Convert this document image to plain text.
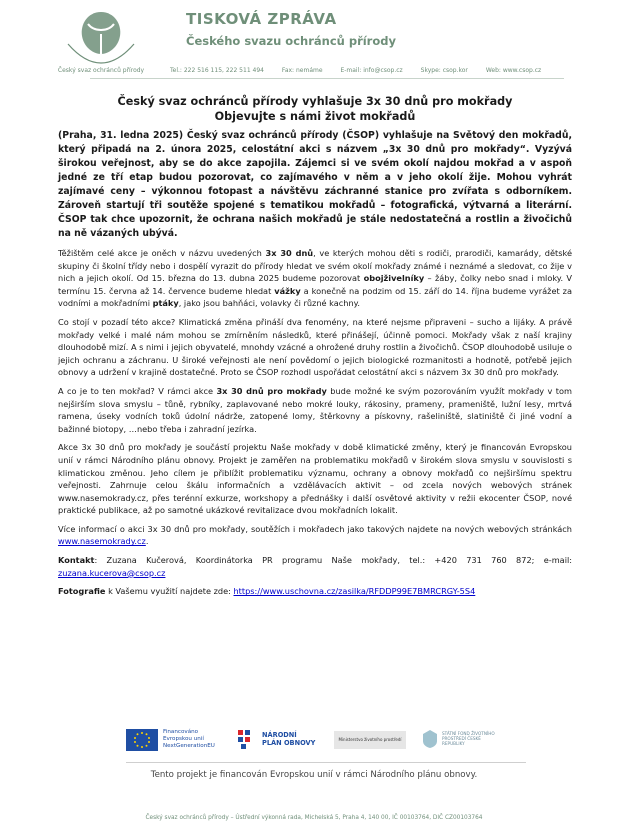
Český svaz ochránců přírody
TISKOVÁ ZPRÁVA
Českého svazu ochránců přírody
Tel.: 222 516 115, 222 511 494	Fax: nemáme	E-mail: info@csop.cz	Skype: csop.kor	Web: www.csop.cz
Český svaz ochránců přírody vyhlašuje 3x 30 dnů pro mokřady
Objevujte s námi život mokřadů
(Praha, 31. ledna 2025) Český svaz ochránců přírody (ČSOP) vyhlašuje na Světový den mokřadů, který připadá na 2. února 2025, celostátní akci s názvem „3x 30 dnů pro mokřady“. Vyzývá širokou veřejnost, aby se do akce zapojila. Zájemci si ve svém okolí najdou mokřad a v aspoň jedné ze tří etap budou pozorovat, co zajímavého v něm a v jeho okolí žije. Mohou vyhrát zajímavé ceny – výkonnou fotopast a návštěvu záchranné stanice pro zvířata s odborníkem. Zároveň startují tři soutěže spojené s tematikou mokřadů – fotografická, výtvarná a literární. ČSOP tak chce upozornit, že ochrana našich mokřadů je stále nedostatečná a rostlin a živočichů na ně vázaných ubývá.

Těžištěm celé akce je oněch v názvu uvedených 3x 30 dnů, ve kterých mohou děti s rodiči, prarodiči, kamarády, dětské skupiny či školní třídy nebo i dospělí vyrazit do přírody hledat ve svém okolí mokřady známé i neznámé a sledovat, co žije v nich a jejich okolí. Od 15. března do 13. dubna 2025 budeme pozorovat obojživelníky – žáby, čolky nebo snad i mloky. V termínu 15. června až 14. července budeme hledat vážky a konečně na podzim od 15. září do 14. října budeme vyrážet za vodními a mokřadními ptáky, jako jsou bahňáci, volavky či různé kachny.

Co stojí v pozadí této akce? Klimatická změna přináší dva fenomény, na které nejsme připraveni – sucho a lijáky. A právě mokřady velké i malé nám mohou se zmírněním následků, které přinášejí, účinně pomoci. Mokřady však z naší krajiny dlouhodobě mizí. A s nimi i jejich obyvatelé, mnohdy vzácné a ohrožené druhy rostlin a živočichů. ČSOP dlouhodobě usiluje o jejich ochranu a záchranu. U široké veřejnosti ale není povědomí o jejich biologické rozmanitosti a hodnotě, potřebě jejich obnovy a udržení v krajině dostatečné. Proto se ČSOP rozhodl uspořádat celostátní akci s názvem 3x 30 dnů pro mokřady.

A co je to ten mokřad? V rámci akce 3x 30 dnů pro mokřady bude možné ke svým pozorováním využít mokřady v tom nejširším slova smyslu – tůně, rybníky, zaplavované nebo mokré louky, rákosiny, prameny, prameniště, lužní lesy, mrtvá ramena, úseky vodních toků údolní nádrže, zatopené lomy, štěrkovny a pískovny, rašeliniště, slatiniště či jiné vodní a bažinné biotopy, …nebo třeba i zahradní jezírka.

Akce 3x 30 dnů pro mokřady je součástí projektu Naše mokřady v době klimatické změny, který je financován Evropskou unií v rámci Národního plánu obnovy. Projekt je zaměřen na problematiku mokřadů v širokém slova smyslu v souvislosti s klimatickou změnou. Jeho cílem je přiblížit problematiku významu, ochrany a obnovy mokřadů co nejširšímu spektru veřejnosti. Zahrnuje celou škálu informačních a vzdělávacích aktivit – od zcela nových webových stránek www.nasemokrady.cz, přes terénní exkurze, workshopy a přednášky i další osvětové aktivity v režii ekocenter ČSOP, nové praktické publikace, až po samotné ukázkové revitalizace dvou mokřadních lokalit.

Více informací o akci 3x 30 dnů pro mokřady, soutěžích i mokřadech jako takových najdete na nových webových stránkách www.nasemokrady.cz.

Kontakt: Zuzana Kučerová, Koordinátorka PR programu Naše mokřady, tel.: +420 731 760 872; e-mail: zuzana.kucerova@csop.cz

Fotografie k Vašemu využití najdete zde: https://www.uschovna.cz/zasilka/RFDDP99E7BMRCRGY-5S4

Financováno
Evropskou unií
NextGenerationEU
NÁRODNÍ
PLÁN OBNOVY	Ministerstvo životního prostředí
STÁTNÍ FOND ŽIVOTNÍHO PROSTŘEDÍ ČESKÉ REPUBLIKY
Tento projekt je financován Evropskou unií v rámci Národního plánu obnovy.
Český svaz ochránců přírody – Ústřední výkonná rada, Michelská 5, Praha 4, 140 00, IČ 00103764, DIČ CZ00103764
